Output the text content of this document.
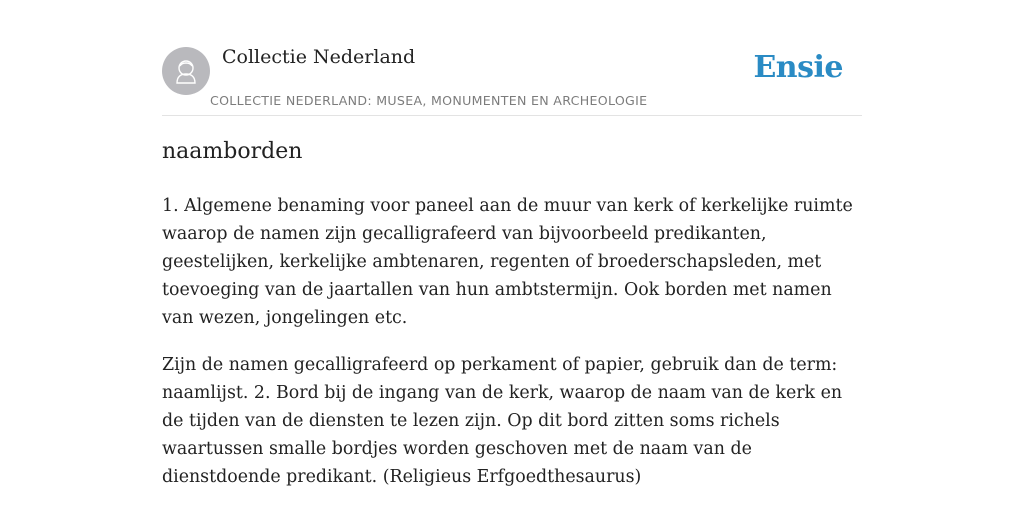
Collectie Nederland
COLLECTIE NEDERLAND: MUSEA, MONUMENTEN EN ARCHEOLOGIE
Ensie
naamborden

1. Algemene benaming voor paneel aan de muur van kerk of kerkelijke ruimte waarop de namen zijn gecalligrafeerd van bijvoorbeeld predikanten, geestelijken, kerkelijke ambtenaren, regenten of broederschapsleden, met toevoeging van de jaartallen van hun ambtstermijn. Ook borden met namen van wezen, jongelingen etc.

Zijn de namen gecalligrafeerd op perkament of papier, gebruik dan de term: naamlijst. 2. Bord bij de ingang van de kerk, waarop de naam van de kerk en de tijden van de diensten te lezen zijn. Op dit bord zitten soms richels waartussen smalle bordjes worden geschoven met de naam van de dienstdoende predikant. (Religieus Erfgoedthesaurus)
